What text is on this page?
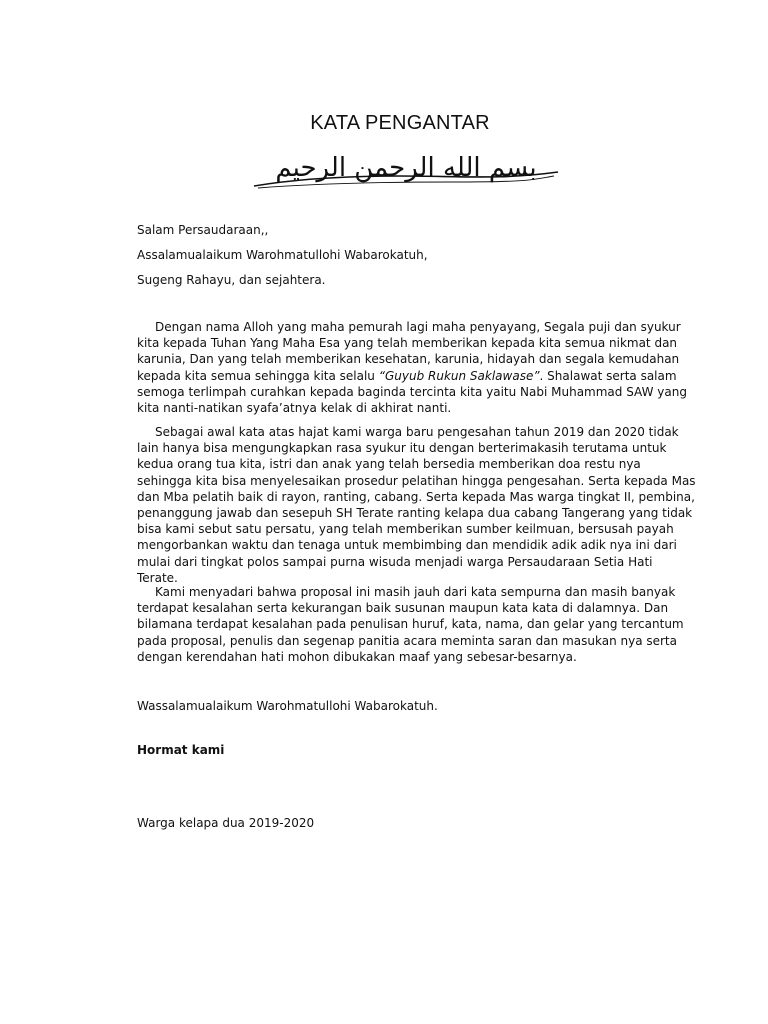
KATA PENGANTAR
بسم الله الرحمن الرحيم
Salam Persaudaraan,,
Assalamualaikum Warohmatullohi Wabarokatuh,
Sugeng Rahayu, dan sejahtera.

Dengan nama Alloh yang maha pemurah lagi maha penyayang, Segala puji dan syukur kita kepada Tuhan Yang Maha Esa yang telah memberikan kepada kita semua nikmat dan karunia, Dan yang telah memberikan kesehatan, karunia, hidayah dan segala kemudahan kepada kita semua sehingga kita selalu “Guyub Rukun Saklawase”. Shalawat serta salam semoga terlimpah curahkan kepada baginda tercinta kita yaitu Nabi Muhammad SAW yang kita nanti-natikan syafa’atnya kelak di akhirat nanti.

Sebagai awal kata atas hajat kami warga baru pengesahan tahun 2019 dan 2020 tidak lain hanya bisa mengungkapkan rasa syukur itu dengan berterimakasih terutama untuk kedua orang tua kita, istri dan anak yang telah bersedia memberikan doa restu nya sehingga kita bisa menyelesaikan prosedur pelatihan hingga pengesahan. Serta kepada Mas dan Mba pelatih baik di rayon, ranting, cabang. Serta kepada Mas warga tingkat II, pembina, penanggung jawab dan sesepuh SH Terate ranting kelapa dua cabang Tangerang yang tidak bisa kami sebut satu persatu, yang telah memberikan sumber keilmuan, bersusah payah mengorbankan waktu dan tenaga untuk membimbing dan mendidik adik adik nya ini dari mulai dari tingkat polos sampai purna wisuda menjadi warga Persaudaraan Setia Hati Terate.

Kami menyadari bahwa proposal ini masih jauh dari kata sempurna dan masih banyak terdapat kesalahan serta kekurangan baik susunan maupun kata kata di dalamnya. Dan bilamana terdapat kesalahan pada penulisan huruf, kata, nama, dan gelar yang tercantum pada proposal, penulis dan segenap panitia acara meminta saran dan masukan nya serta dengan kerendahan hati mohon dibukakan maaf yang sebesar-besarnya.

Wassalamualaikum Warohmatullohi Wabarokatuh.
Hormat kami
Warga kelapa dua 2019-2020
